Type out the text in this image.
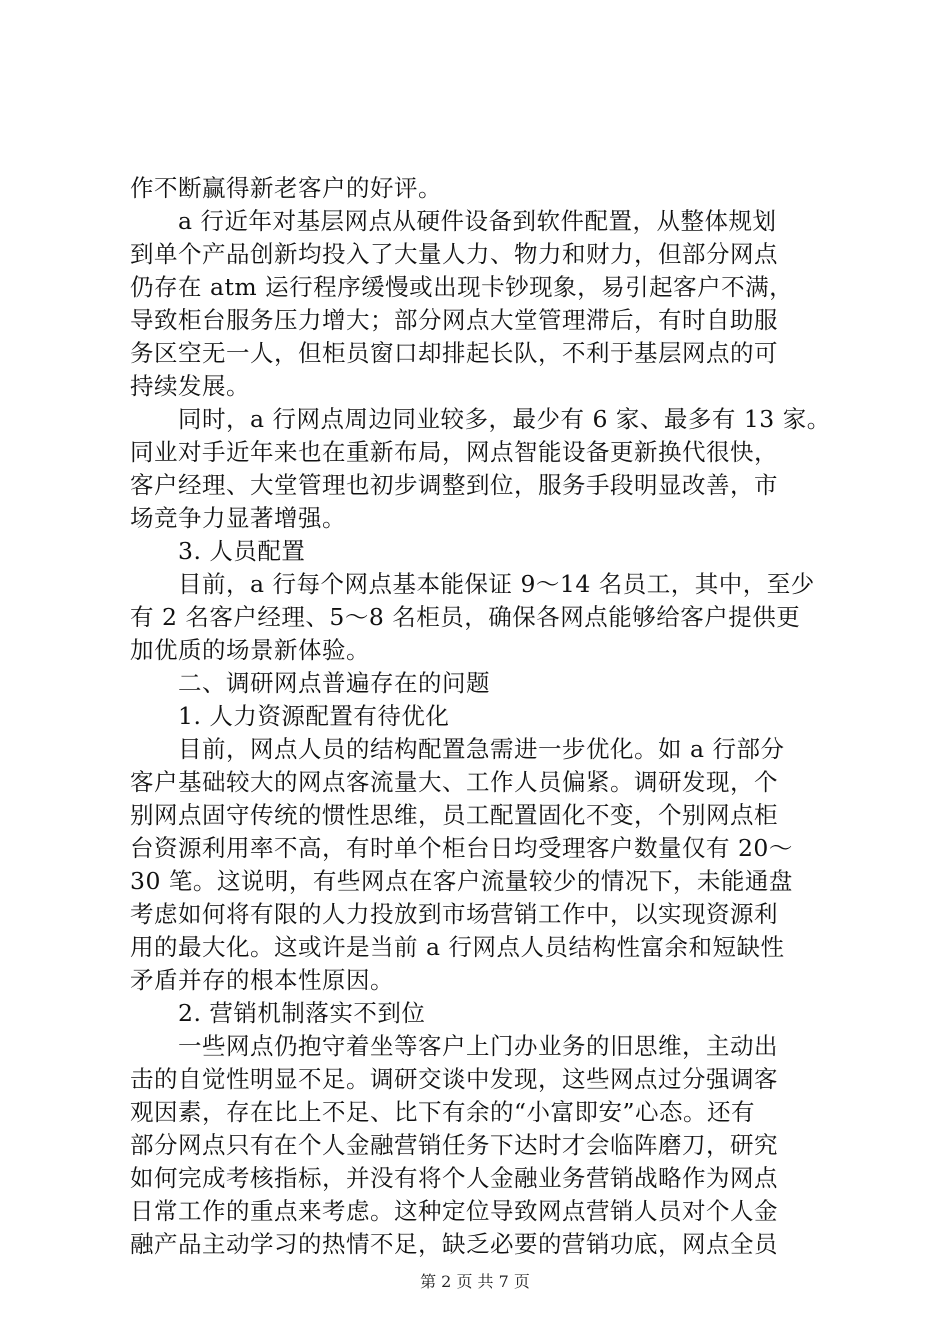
作不断赢得新老客户的好评。
a 行近年对基层网点从硬件设备到软件配置，从整体规划
到单个产品创新均投入了大量人力、物力和财力，但部分网点
仍存在 atm 运行程序缓慢或出现卡钞现象，易引起客户不满，
导致柜台服务压力增大；部分网点大堂管理滞后，有时自助服
务区空无一人，但柜员窗口却排起长队，不利于基层网点的可
持续发展。
同时，a 行网点周边同业较多，最少有 6 家、最多有 13 家。
同业对手近年来也在重新布局，网点智能设备更新换代很快，
客户经理、大堂管理也初步调整到位，服务手段明显改善，市
场竞争力显著增强。
3. 人员配置
目前，a 行每个网点基本能保证 9～14 名员工，其中，至少
有 2 名客户经理、5～8 名柜员，确保各网点能够给客户提供更
加优质的场景新体验。
二、调研网点普遍存在的问题
1. 人力资源配置有待优化
目前，网点人员的结构配置急需进一步优化。如 a 行部分
客户基础较大的网点客流量大、工作人员偏紧。调研发现，个
别网点固守传统的惯性思维，员工配置固化不变，个别网点柜
台资源利用率不高，有时单个柜台日均受理客户数量仅有 20～
30 笔。这说明，有些网点在客户流量较少的情况下，未能通盘
考虑如何将有限的人力投放到市场营销工作中，以实现资源利
用的最大化。这或许是当前 a 行网点人员结构性富余和短缺性
矛盾并存的根本性原因。
2. 营销机制落实不到位
一些网点仍抱守着坐等客户上门办业务的旧思维，主动出
击的自觉性明显不足。调研交谈中发现，这些网点过分强调客
观因素，存在比上不足、比下有余的“小富即安”心态。还有
部分网点只有在个人金融营销任务下达时才会临阵磨刀，研究
如何完成考核指标，并没有将个人金融业务营销战略作为网点
日常工作的重点来考虑。这种定位导致网点营销人员对个人金
融产品主动学习的热情不足，缺乏必要的营销功底，网点全员
第 2 页 共 7 页
